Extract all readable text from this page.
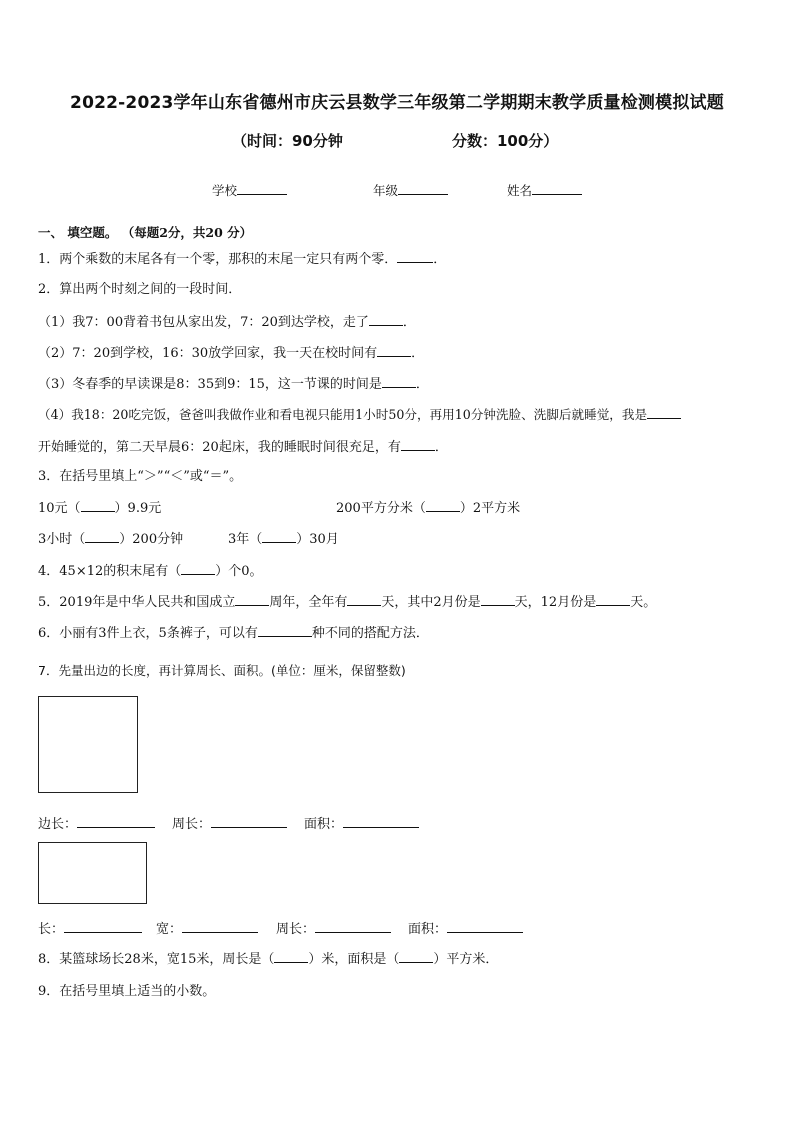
2022-2023学年山东省德州市庆云县数学三年级第二学期期末教学质量检测模拟试题
（时间：90分钟	分数：100分）
学校	年级	姓名
一、 填空题。 （每题2分，共20 分）
1．两个乘数的末尾各有一个零，那积的末尾一定只有两个零．	．
2．算出两个时刻之间的一段时间．
（1）我7：00背着书包从家出发，7：20到达学校，走了	．
（2）7：20到学校，16：30放学回家，我一天在校时间有	．
（3）冬春季的早读课是8：35到9：15，这一节课的时间是	．
（4）我18：20吃完饭，爸爸叫我做作业和看电视只能用1小时50分，再用10分钟洗脸、洗脚后就睡觉，我是
开始睡觉的，第二天早晨6：20起床，我的睡眠时间很充足，有	．
3．在括号里填上“＞”“＜”或“＝”。
10元（	）9.9元	200平方分米（	）2平方米
3小时（	）200分钟	3年（	）30月
4．45×12的积末尾有（	）个0。
5．2019年是中华人民共和国成立	周年，全年有	天，其中2月份是	天，12月份是	天。
6．小丽有3件上衣，5条裤子，可以有	种不同的搭配方法．
7．先量出边的长度，再计算周长、面积。(单位：厘米，保留整数)
边长：	周长：	面积：
长：	宽：	周长：	面积：
8．某篮球场长28米，宽15米，周长是（	）米，面积是（	）平方米．
9．在括号里填上适当的小数。
